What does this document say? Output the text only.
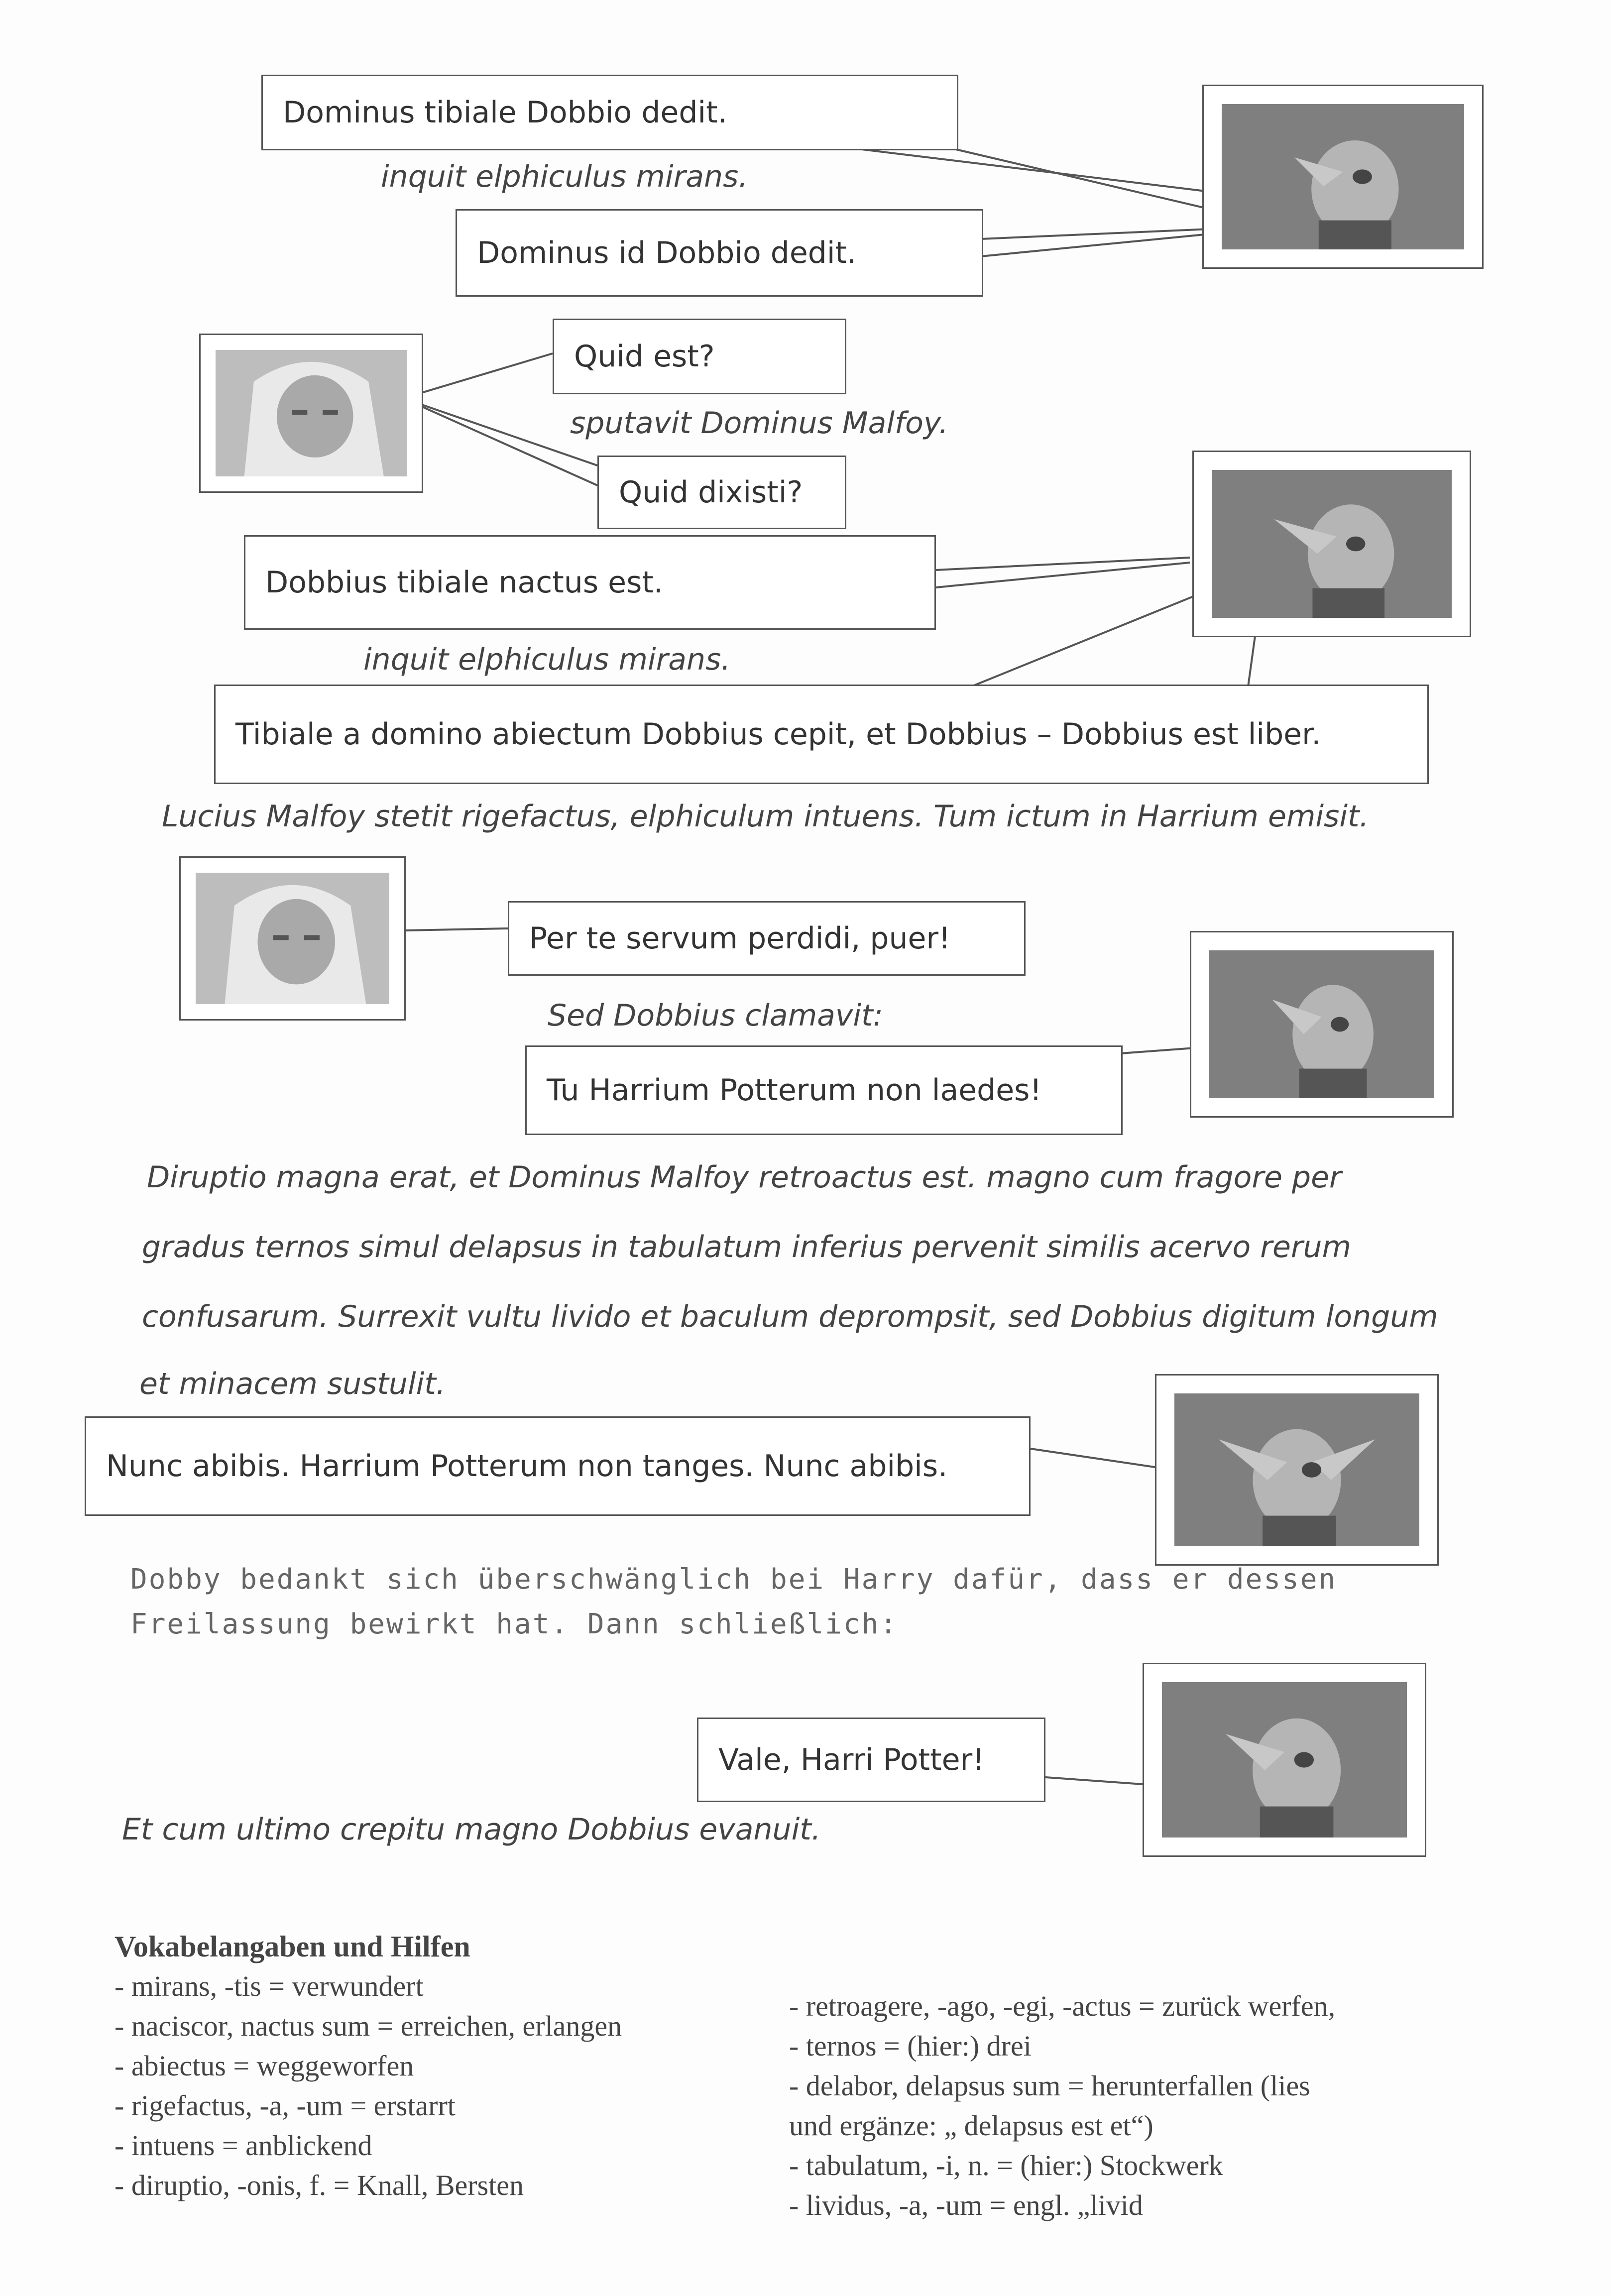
Dominus tibiale Dobbio dedit.
inquit elphiculus mirans.
Dominus id Dobbio dedit.
Quid est?
sputavit Dominus Malfoy.
Quid dixisti?
Dobbius tibiale nactus est.
inquit elphiculus mirans.
Tibiale a domino abiectum Dobbius cepit, et Dobbius – Dobbius est liber.
Lucius Malfoy stetit rigefactus, elphiculum intuens. Tum ictum in Harrium emisit.
Per te servum perdidi, puer!
Sed Dobbius clamavit:
Tu Harrium Potterum non laedes!
Diruptio magna erat, et Dominus Malfoy retroactus est. magno cum fragore per
gradus ternos simul delapsus in tabulatum inferius pervenit similis acervo rerum
confusarum. Surrexit vultu livido et baculum deprompsit, sed Dobbius digitum longum
et minacem sustulit.
Nunc abibis. Harrium Potterum non tanges. Nunc abibis.
Dobby bedankt sich überschwänglich bei Harry dafür, dass er dessen
Freilassung bewirkt hat. Dann schließlich:
Vale, Harri Potter!
Et cum ultimo crepitu magno Dobbius evanuit.
Vokabelangaben und Hilfen
- mirans, -tis = verwundert
- naciscor, nactus sum = erreichen, erlangen
- abiectus = weggeworfen
- rigefactus, -a, -um = erstarrt
- intuens = anblickend
- diruptio, -onis, f. = Knall, Bersten
- retroagere, -ago, -egi, -actus = zurück werfen,
- ternos = (hier:) drei
- delabor, delapsus sum = herunterfallen (lies
und ergänze: „ delapsus est et“)
- tabulatum, -i, n. = (hier:) Stockwerk
- lividus, -a, -um = engl. „livid
